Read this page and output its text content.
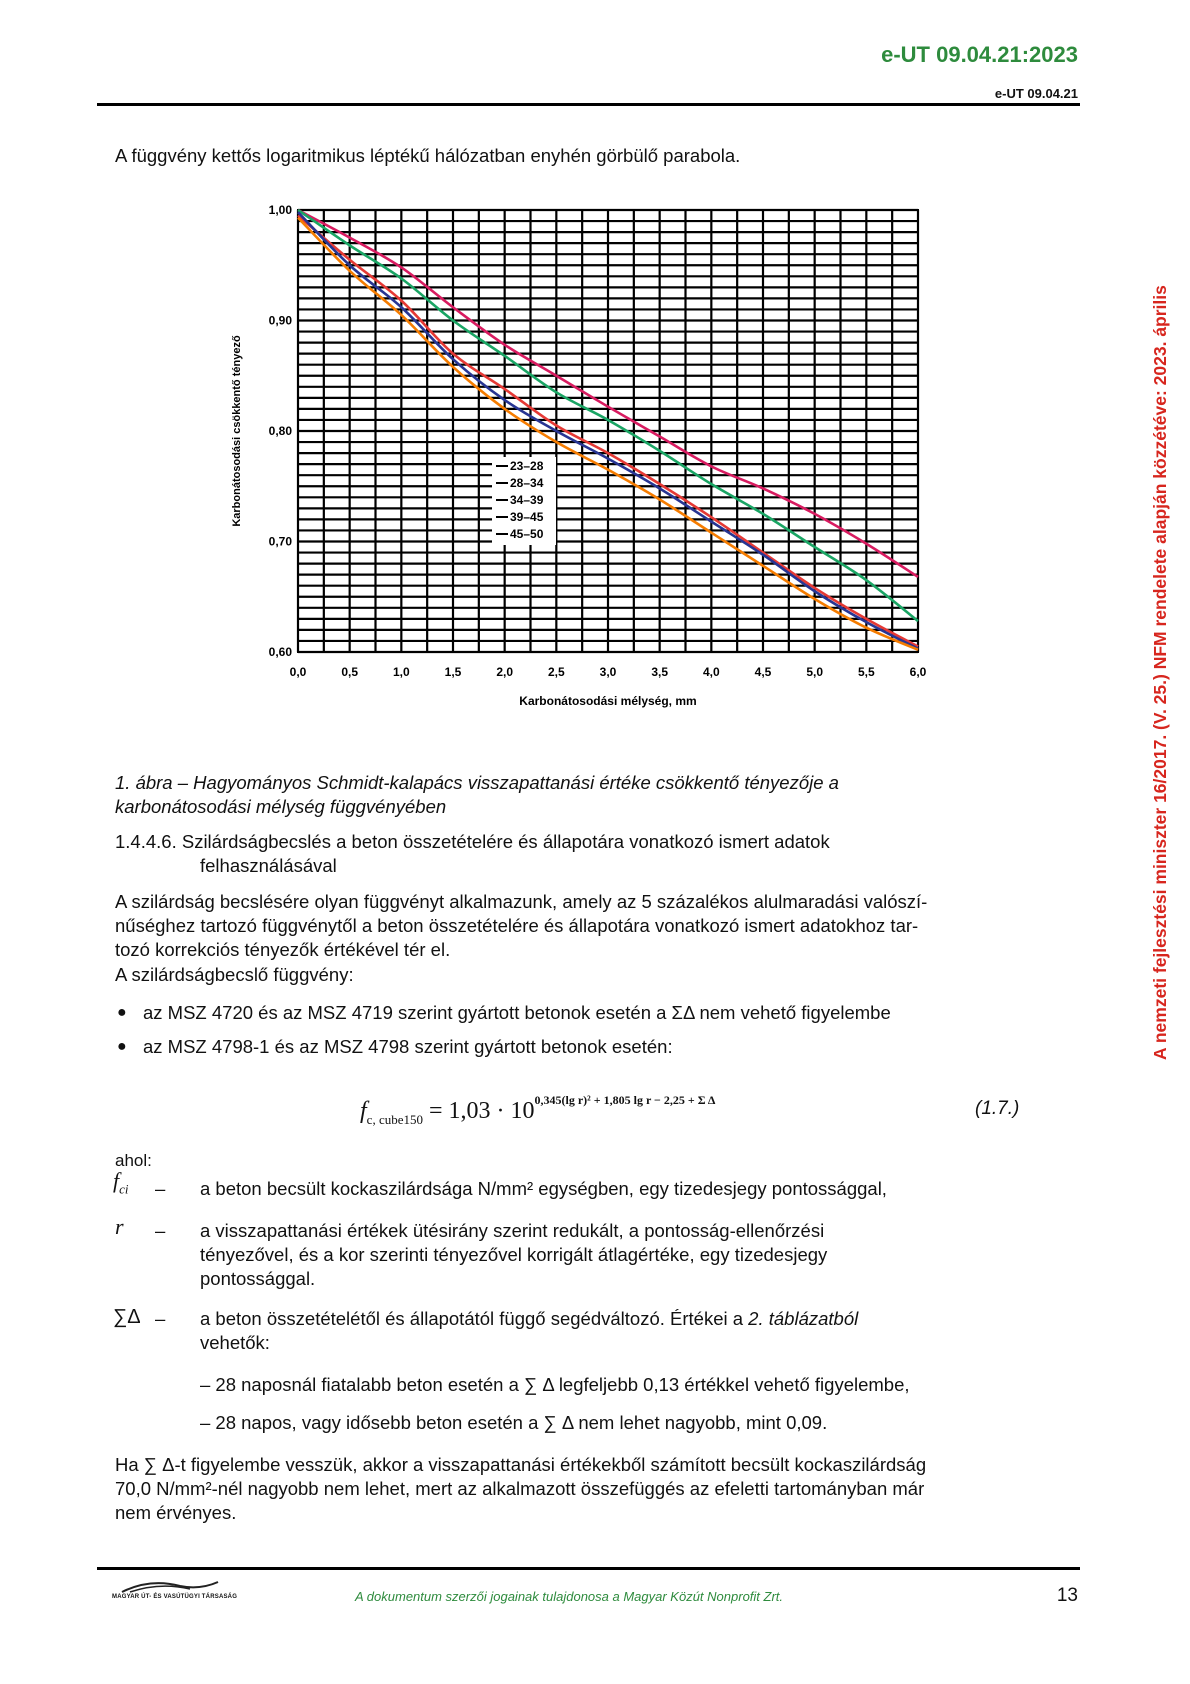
e-UT 09.04.21:2023
e-UT 09.04.21
A nemzeti fejlesztési miniszter 16/2017. (V. 25.) NFM rendelete alapján közzétéve: 2023. április
A függvény kettős logaritmikus léptékű hálózatban enyhén görbülő parabola.
0,0	0,5	1,0	1,5	2,0	2,5	3,0	3,5	4,0	4,5	5,0	5,5	6,0
0,60
0,70
0,80
0,90
1,00
Karbonátosodási mélység, mm
Karbonátosodási csökkentő tényező	23–28
28–34
34–39
39–45
45–50
1. ábra – Hagyományos Schmidt-kalapács visszapattanási értéke csökkentő tényezője a
karbonátosodási mélység függvényében
1.4.4.6. Szilárdságbecslés a beton összetételére és állapotára vonatkozó ismert adatok
felhasználásával
A szilárdság becslésére olyan függvényt alkalmazunk, amely az 5 százalékos alulmaradási valószí-
nűséghez tartozó függvénytől a beton összetételére és állapotára vonatkozó ismert adatokhoz tar-
tozó korrekciós tényezők értékével tér el.
A szilárdságbecslő függvény:
● az MSZ 4720 és az MSZ 4719 szerint gyártott betonok esetén a ΣΔ nem vehető figyelembe
● az MSZ 4798-1 és az MSZ 4798 szerint gyártott betonok esetén:
$f_{c, cube150} = 1,03 \cdot 10^{0,345(lg r)^2 + 1,805 lg r - 2,25 + \Sigma \Delta}$	(1.7.)
ahol:
$f_{ci}$ –	a beton becsült kockaszilárdsága N/mm² egységben, egy tizedesjegy pontossággal,
r –	a visszapattanási értékek ütésirány szerint redukált, a pontosság-ellenőrzési
tényezővel, és a kor szerinti tényezővel korrigált átlagértéke, egy tizedesjegy
pontossággal.
∑Δ –	a beton összetételétől és állapotától függő segédváltozó. Értékei a 2. táblázatból
vehetők:
– 28 naposnál fiatalabb beton esetén a ∑ Δ legfeljebb 0,13 értékkel vehető figyelembe,
– 28 napos, vagy idősebb beton esetén a ∑ Δ nem lehet nagyobb, mint 0,09.
Ha ∑ Δ-t figyelembe vesszük, akkor a visszapattanási értékekből számított becsült kockaszilárdság
70,0 N/mm²-nél nagyobb nem lehet, mert az alkalmazott összefüggés az efeletti tartományban már
nem érvényes.
MAGYAR ÚT- ÉS VASÚTÜGYI TÁRSASÁG	A dokumentum szerzői jogainak tulajdonosa a Magyar Közút Nonprofit Zrt.	13
